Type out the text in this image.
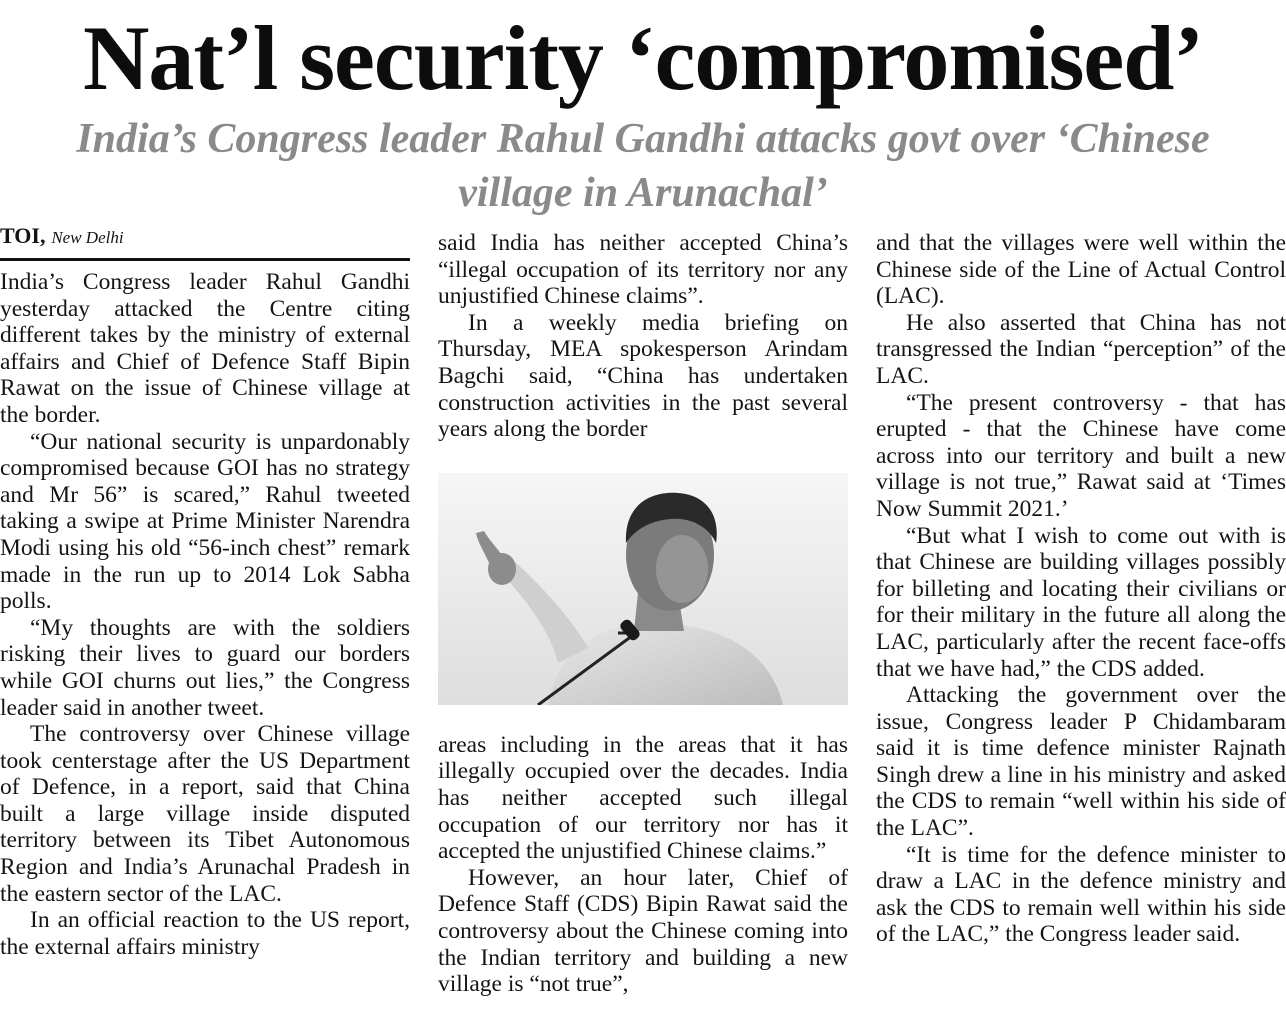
Nat’l security ‘compromised’
India’s Congress leader Rahul Gandhi attacks govt over ‘Chinese village in Arunachal’
TOI, New Delhi

India’s Congress leader Rahul Gandhi yesterday attacked the Centre citing different takes by the ministry of external affairs and Chief of Defence Staff Bipin Rawat on the issue of Chinese village at the border.

“Our national security is unpardonably compromised because GOI has no strategy and Mr 56” is scared,” Rahul tweeted taking a swipe at Prime Minister Narendra Modi using his old “56-inch chest” remark made in the run up to 2014 Lok Sabha polls.

“My thoughts are with the soldiers risking their lives to guard our borders while GOI churns out lies,” the Congress leader said in another tweet.

The controversy over Chinese village took centerstage after the US Department of Defence, in a report, said that China built a large village inside disputed territory between its Tibet Autonomous Region and India’s Arunachal Pradesh in the eastern sector of the LAC.

In an official reaction to the US report, the external affairs ministry

said India has neither accepted China’s “illegal occupation of its territory nor any unjustified Chinese claims”.

In a weekly media briefing on Thursday, MEA spokesperson Arindam Bagchi said, “China has undertaken construction activities in the past several years along the border

areas including in the areas that it has illegally occupied over the decades. India has neither accepted such illegal occupation of our territory nor has it accepted the unjustified Chinese claims.”

However, an hour later, Chief of Defence Staff (CDS) Bipin Rawat said the controversy about the Chinese coming into the Indian territory and building a new village is “not true”,

and that the villages were well within the Chinese side of the Line of Actual Control (LAC).

He also asserted that China has not transgressed the Indian “perception” of the LAC.

“The present controversy - that has erupted - that the Chinese have come across into our territory and built a new village is not true,” Rawat said at ‘Times Now Summit 2021.’

“But what I wish to come out with is that Chinese are building villages possibly for billeting and locating their civilians or for their military in the future all along the LAC, particularly after the recent face-offs that we have had,” the CDS added.

Attacking the government over the issue, Congress leader P Chidambaram said it is time defence minister Rajnath Singh drew a line in his ministry and asked the CDS to remain “well within his side of the LAC”.

“It is time for the defence minister to draw a LAC in the defence ministry and ask the CDS to remain well within his side of the LAC,” the Congress leader said.
